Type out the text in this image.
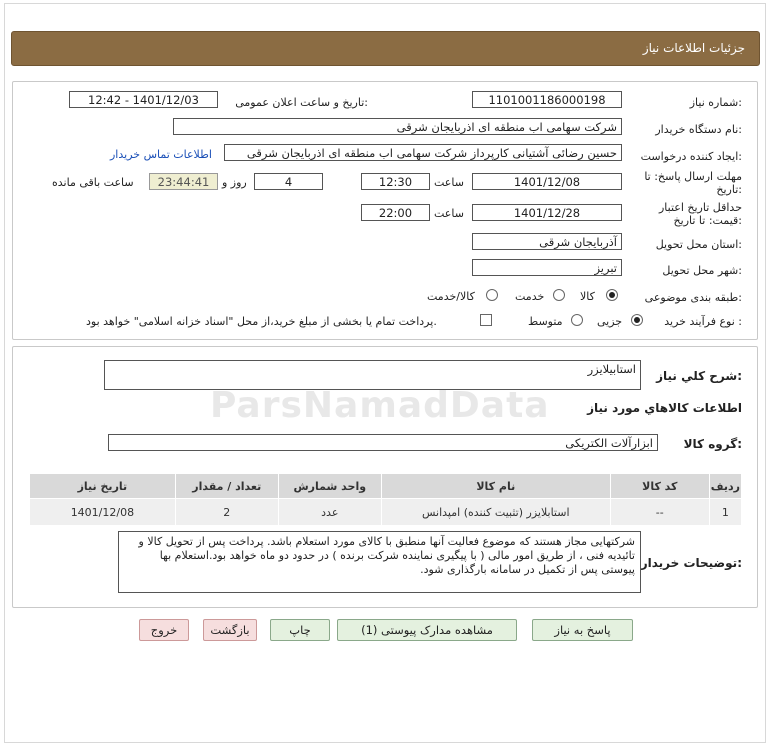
جزئیات اطلاعات نیاز
شماره نیاز:
1101001186000198
تاریخ و ساعت اعلان عمومی:
1401/12/03 - 12:42
نام دستگاه خریدار:
شرکت سهامی اب منطقه ای اذربایجان شرقی
ایجاد کننده درخواست:
حسین رضائی آشتیانی کارپرداز شرکت سهامی اب منطقه ای اذربایجان شرقی
اطلاعات تماس خریدار
مهلت ارسال پاسخ: تا
تاریخ:
1401/12/08
ساعت
12:30
4
روز و
23:44:41
ساعت باقی مانده
حداقل تاریخ اعتبار
قیمت: تا تاریخ:
1401/12/28
ساعت
22:00
استان محل تحویل:
آذربایجان شرقی
شهر محل تحویل:
تبریز
طبقه بندی موضوعی:
کالا
خدمت
کالا/خدمت
نوع فرآیند خرید :
جزیی
متوسط
پرداخت تمام یا بخشی از مبلغ خرید،از محل "اسناد خزانه اسلامی" خواهد بود.
شرح کلي نياز:
استابیلایزر
اطلاعات کالاهاي مورد نياز
گروه کالا:
ابزارآلات الکتریکی
ردیف	کد کالا	نام کالا	واحد شمارش	تعداد / مقدار	تاریخ نیاز
1	--	استابلایزر (تثبیت کننده) امپدانس	عدد	2	1401/12/08
توضیحات خریدار:
شرکتهایی مجاز هستند که موضوع فعالیت آنها منطبق با کالای مورد استعلام باشد. پرداخت پس از تحویل کالا و تائیدیه فنی ، از طریق امور مالی ( با پیگیری نماینده شرکت برنده ) در حدود دو ماه خواهد بود.استعلام بها پیوستی پس از تکمیل در سامانه بارگذاری شود.
ParsNamadData
پاسخ به نیاز
مشاهده مدارک پیوستی (1)
چاپ
بازگشت
خروج
